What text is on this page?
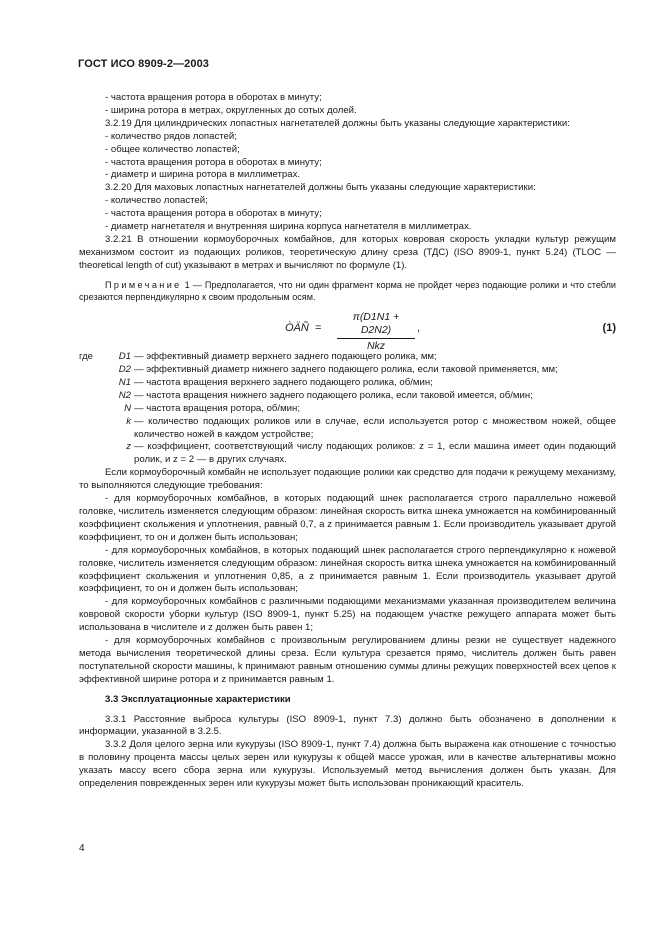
ГОСТ ИСО 8909-2—2003

- частота вращения ротора в оборотах в минуту;

- ширина ротора в метрах, округленных до сотых долей.

3.2.19 Для цилиндрических лопастных нагнетателей должны быть указаны следующие характеристики:

- количество рядов лопастей;

- общее количество лопастей;

- частота вращения ротора в оборотах в минуту;

- диаметр и ширина ротора в миллиметрах.

3.2.20 Для маховых лопастных нагнетателей должны быть указаны следующие характеристики:

- количество лопастей;

- частота вращения ротора в оборотах в минуту;

- диаметр нагнетателя и внутренняя ширина корпуса нагнетателя в миллиметрах.

3.2.21 В отношении кормоуборочных комбайнов, для которых ковровая скорость укладки культур режущим механизмом состоит из подающих роликов, теоретическую длину среза (ТДС) (ISO 8909-1, пункт 5.24) (TLOC — theoretical length of cut) указывают в метрах и вычисляют по формуле (1).

Примечание 1 — Предполагается, что ни один фрагмент корма не пройдет через подающие ролики и что стебли срезаются перпендикулярно к своим продольным осям.

ÒÄÑ =
π(D1N1 + D2N2)
Nkz
,	(1)
где	D1 — эффективный диаметр верхнего заднего подающего ролика, мм;
D2 — эффективный диаметр нижнего заднего подающего ролика, если таковой применяется, мм;
N1 — частота вращения верхнего заднего подающего ролика, об/мин;
N2 — частота вращения нижнего заднего подающего ролика, если таковой имеется, об/мин;
N — частота вращения ротора, об/мин;
k — количество подающих роликов или в случае, если используется ротор с множеством ножей, общее количество ножей в каждом устройстве;
z — коэффициент, соответствующий числу подающих роликов: z = 1, если машина имеет один подающий ролик, и z = 2 — в других случаях.

Если кормоуборочный комбайн не использует подающие ролики как средство для подачи к режущему механизму, то выполняются следующие требования:

- для кормоуборочных комбайнов, в которых подающий шнек располагается строго параллельно ножевой головке, числитель изменяется следующим образом: линейная скорость витка шнека умножается на комбинированный коэффициент скольжения и уплотнения, равный 0,7, а z принимается равным 1. Если производитель указывает другой коэффициент, то он и должен быть использован;

- для кормоуборочных комбайнов, в которых подающий шнек располагается строго перпендикулярно к ножевой головке, числитель изменяется следующим образом: линейная скорость витка шнека умножается на комбинированный коэффициент скольжения и уплотнения 0,85, а z принимается равным 1. Если производитель указывает другой коэффициент, то он и должен быть использован;

- для кормоуборочных комбайнов с различными подающими механизмами указанная производителем величина ковровой скорости уборки культур (ISO 8909-1, пункт 5.25) на подающем участке режущего аппарата может быть использована в числителе и z должен быть равен 1;

- для кормоуборочных комбайнов с произвольным регулированием длины резки не существует надежного метода вычисления теоретической длины среза. Если культура срезается прямо, числитель должен быть равен поступательной скорости машины, k принимают равным отношению суммы длины режущих поверхностей всех цепов к эффективной ширине ротора и z принимается равным 1.

3.3 Эксплуатационные характеристики

3.3.1 Расстояние выброса культуры (ISO 8909-1, пункт 7.3) должно быть обозначено в дополнении к информации, указанной в 3.2.5.

3.3.2 Доля целого зерна или кукурузы (ISO 8909-1, пункт 7.4) должна быть выражена как отношение с точностью в половину процента массы целых зерен или кукурузы к общей массе урожая, или в качестве альтернативы можно указать массу всего сбора зерна или кукурузы. Используемый метод вычисления должен быть указан. Для определения поврежденных зерен или кукурузы может быть использован проникающий краситель.

4
